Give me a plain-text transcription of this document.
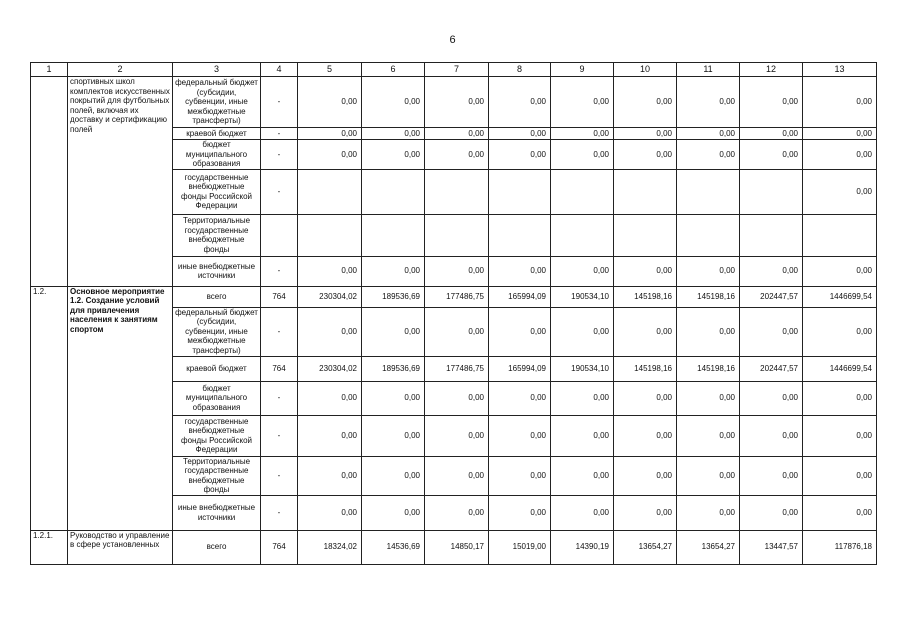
6
1	2	3	4	5	6	7	8	9	10	11	12	13
	спортивных школ комплектов искусственных покрытий для футбольных полей, включая их доставку и сертификацию полей	федеральный бюджет (субсидии, субвенции, иные межбюджетные трансферты)	-	0,00	0,00	0,00	0,00	0,00	0,00	0,00	0,00	0,00
		краевой бюджет	-	0,00	0,00	0,00	0,00	0,00	0,00	0,00	0,00	0,00
		бюджет муниципального образования	-	0,00	0,00	0,00	0,00	0,00	0,00	0,00	0,00	0,00
		государственные внебюджетные фонды Российской Федерации	-									0,00
		Территориальные государственные внебюджетные фонды										
		иные внебюджетные источники	-	0,00	0,00	0,00	0,00	0,00	0,00	0,00	0,00	0,00
1.2.	Основное мероприятие 1.2. Создание условий для привлечения населения к занятиям спортом	всего	764	230304,02	189536,69	177486,75	165994,09	190534,10	145198,16	145198,16	202447,57	1446699,54
		федеральный бюджет (субсидии, субвенции, иные межбюджетные трансферты)	-	0,00	0,00	0,00	0,00	0,00	0,00	0,00	0,00	0,00
		краевой бюджет	764	230304,02	189536,69	177486,75	165994,09	190534,10	145198,16	145198,16	202447,57	1446699,54
		бюджет муниципального образования	-	0,00	0,00	0,00	0,00	0,00	0,00	0,00	0,00	0,00
		государственные внебюджетные фонды Российской Федерации	-	0,00	0,00	0,00	0,00	0,00	0,00	0,00	0,00	0,00
		Территориальные государственные внебюджетные фонды	-	0,00	0,00	0,00	0,00	0,00	0,00	0,00	0,00	0,00
		иные внебюджетные источники	-	0,00	0,00	0,00	0,00	0,00	0,00	0,00	0,00	0,00
1.2.1.	Руководство и управление в сфере установленных	всего	764	18324,02	14536,69	14850,17	15019,00	14390,19	13654,27	13654,27	13447,57	117876,18
